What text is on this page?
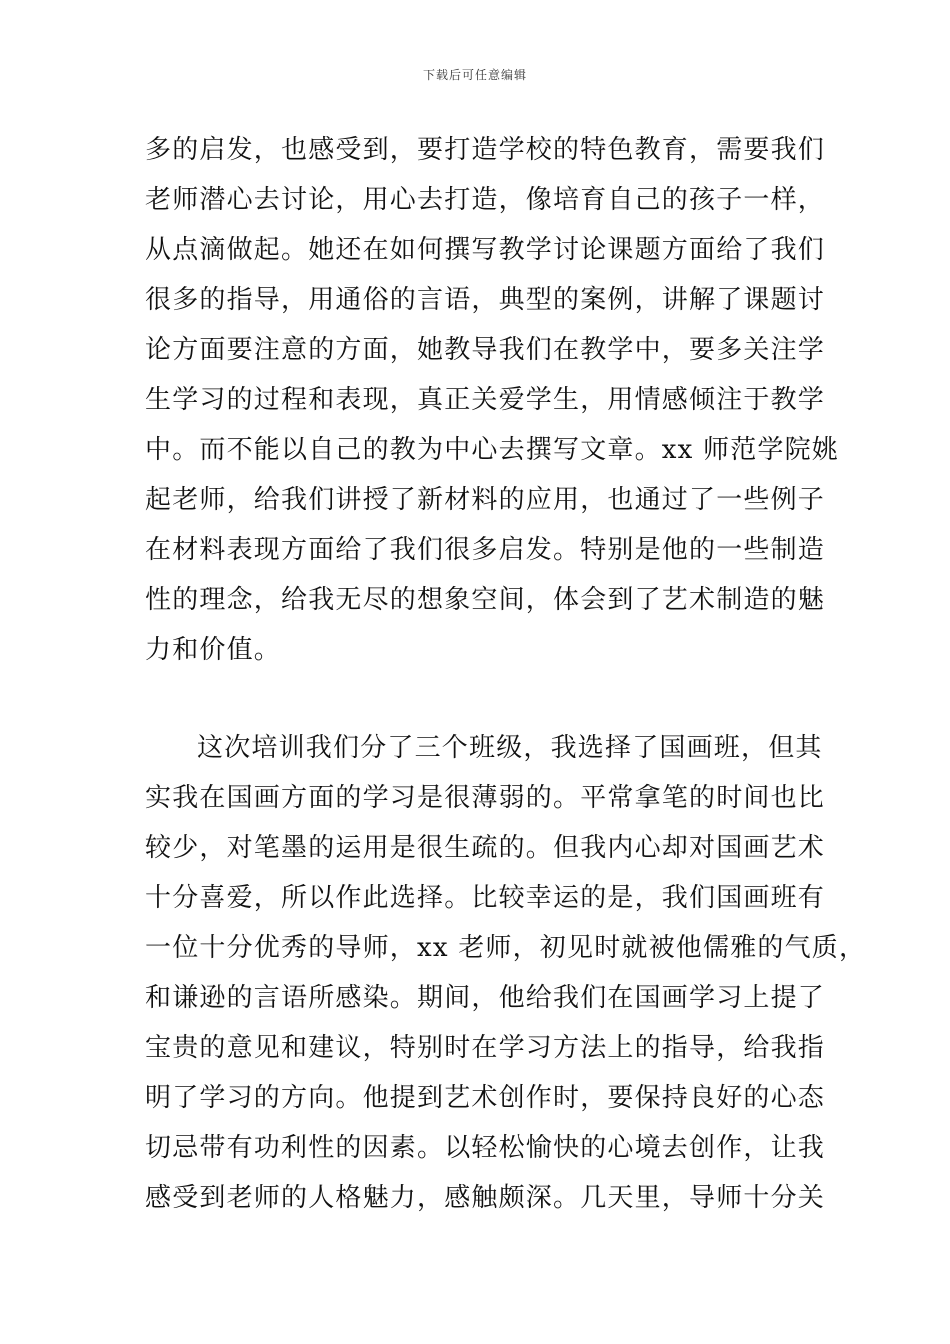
下载后可任意编辑
多的启发，也感受到，要打造学校的特色教育，需要我们
老师潜心去讨论，用心去打造，像培育自己的孩子一样，
从点滴做起。她还在如何撰写教学讨论课题方面给了我们
很多的指导，用通俗的言语，典型的案例，讲解了课题讨
论方面要注意的方面，她教导我们在教学中，要多关注学
生学习的过程和表现，真正关爱学生，用情感倾注于教学
中。而不能以自己的教为中心去撰写文章。xx 师范学院姚
起老师，给我们讲授了新材料的应用，也通过了一些例子
在材料表现方面给了我们很多启发。特别是他的一些制造
性的理念，给我无尽的想象空间，体会到了艺术制造的魅
力和价值。
这次培训我们分了三个班级，我选择了国画班，但其
实我在国画方面的学习是很薄弱的。平常拿笔的时间也比
较少，对笔墨的运用是很生疏的。但我内心却对国画艺术
十分喜爱，所以作此选择。比较幸运的是，我们国画班有
一位十分优秀的导师，xx 老师，初见时就被他儒雅的气质，
和谦逊的言语所感染。期间，他给我们在国画学习上提了
宝贵的意见和建议，特别时在学习方法上的指导，给我指
明了学习的方向。他提到艺术创作时，要保持良好的心态
切忌带有功利性的因素。以轻松愉快的心境去创作，让我
感受到老师的人格魅力，感触颇深。几天里，导师十分关
